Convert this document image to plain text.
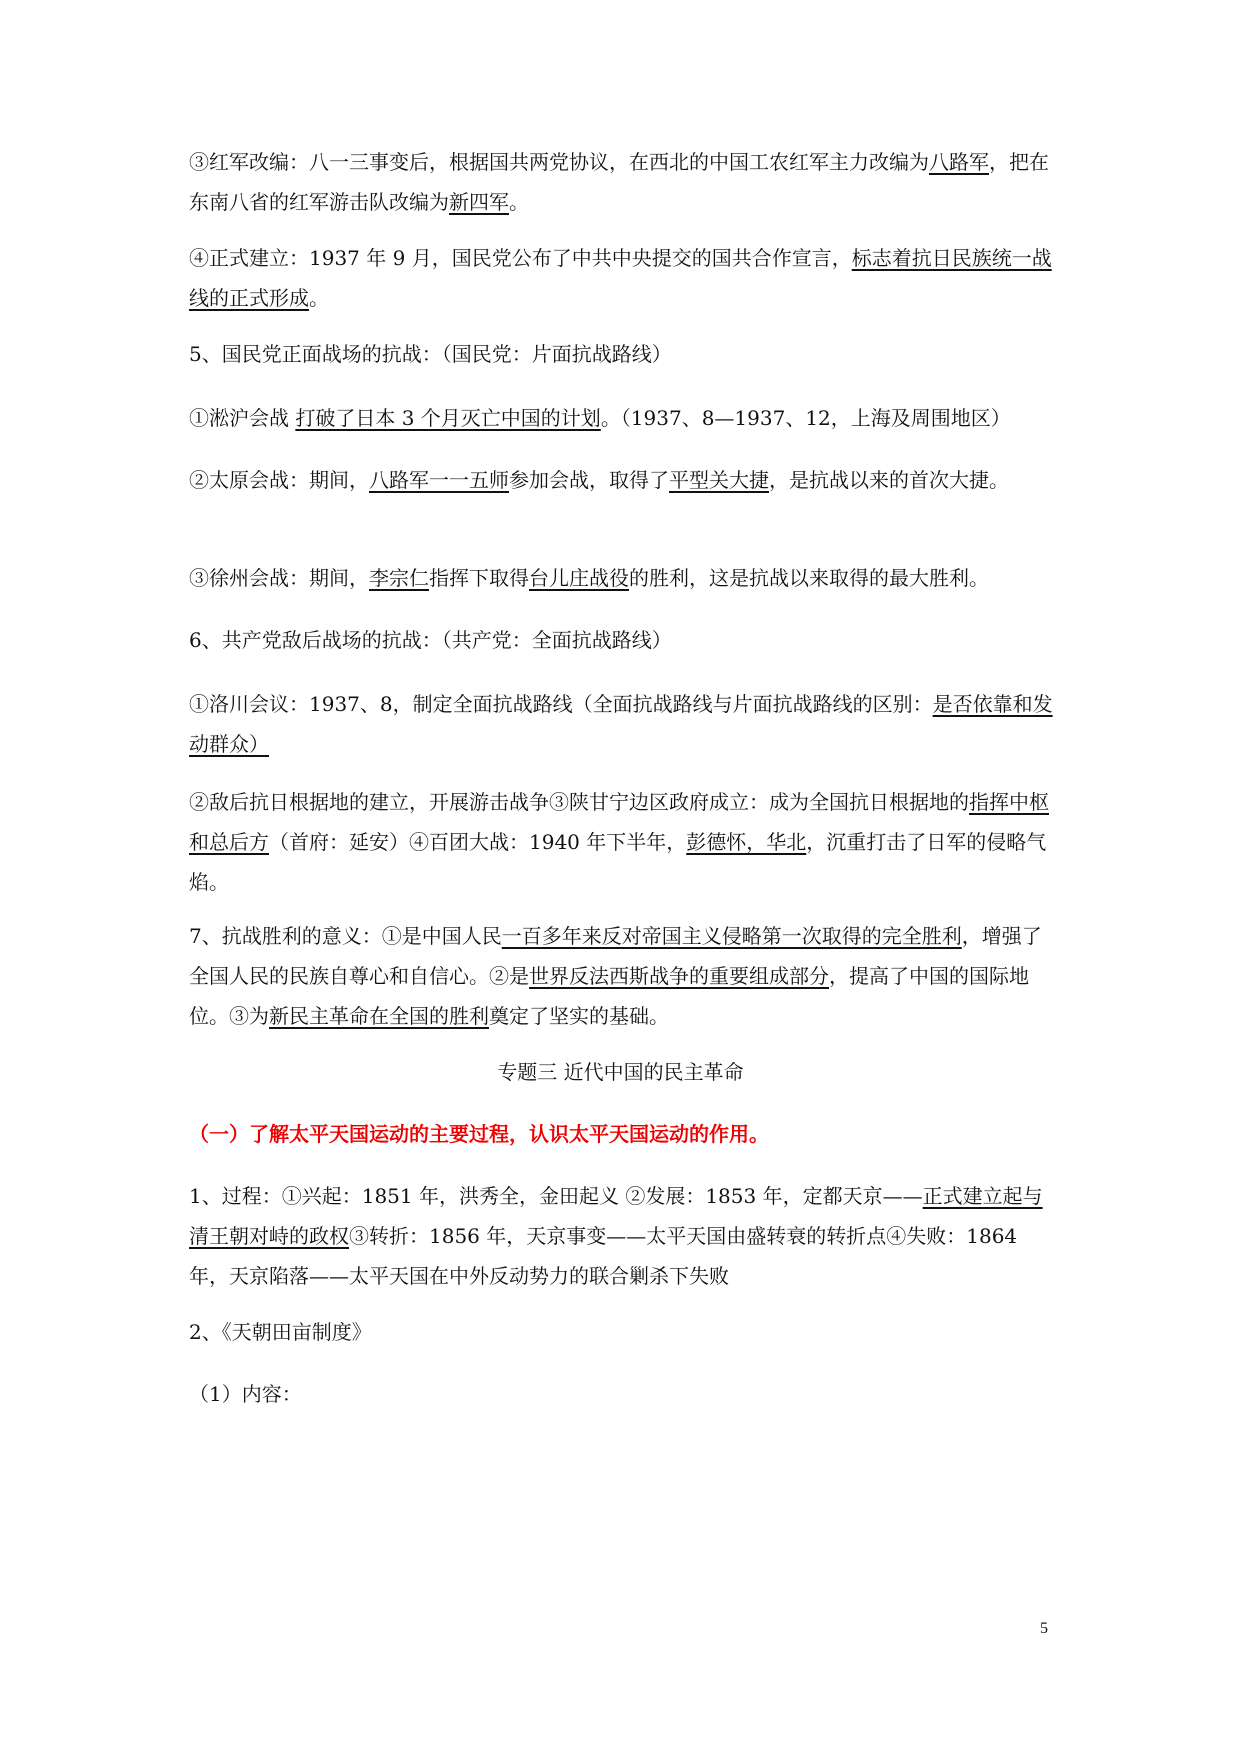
③红军改编：八一三事变后，根据国共两党协议，在西北的中国工农红军主力改编为八路军，把在东南八省的红军游击队改编为新四军。

④正式建立：1937 年 9 月，国民党公布了中共中央提交的国共合作宣言，标志着抗日民族统一战线的正式形成。

5、国民党正面战场的抗战：（国民党：片面抗战路线）

①淞沪会战 打破了日本 3 个月灭亡中国的计划。（1937、8—1937、12，上海及周围地区）

②太原会战：期间，八路军一一五师参加会战，取得了平型关大捷，是抗战以来的首次大捷。

③徐州会战：期间，李宗仁指挥下取得台儿庄战役的胜利，这是抗战以来取得的最大胜利。

6、共产党敌后战场的抗战：（共产党：全面抗战路线）

①洛川会议：1937、8，制定全面抗战路线（全面抗战路线与片面抗战路线的区别：是否依靠和发动群众）

②敌后抗日根据地的建立，开展游击战争③陕甘宁边区政府成立：成为全国抗日根据地的指挥中枢和总后方（首府：延安）④百团大战：1940 年下半年，彭德怀，华北，沉重打击了日军的侵略气焰。

7、抗战胜利的意义：①是中国人民一百多年来反对帝国主义侵略第一次取得的完全胜利，增强了全国人民的民族自尊心和自信心。②是世界反法西斯战争的重要组成部分，提高了中国的国际地位。③为新民主革命在全国的胜利奠定了坚实的基础。

专题三 近代中国的民主革命
（一）了解太平天国运动的主要过程，认识太平天国运动的作用。

1、过程：①兴起：1851 年，洪秀全，金田起义 ②发展：1853 年，定都天京——正式建立起与清王朝对峙的政权③转折：1856 年，天京事变——太平天国由盛转衰的转折点④失败：1864 年，天京陷落——太平天国在中外反动势力的联合剿杀下失败

2、《天朝田亩制度》

（1）内容：

5
